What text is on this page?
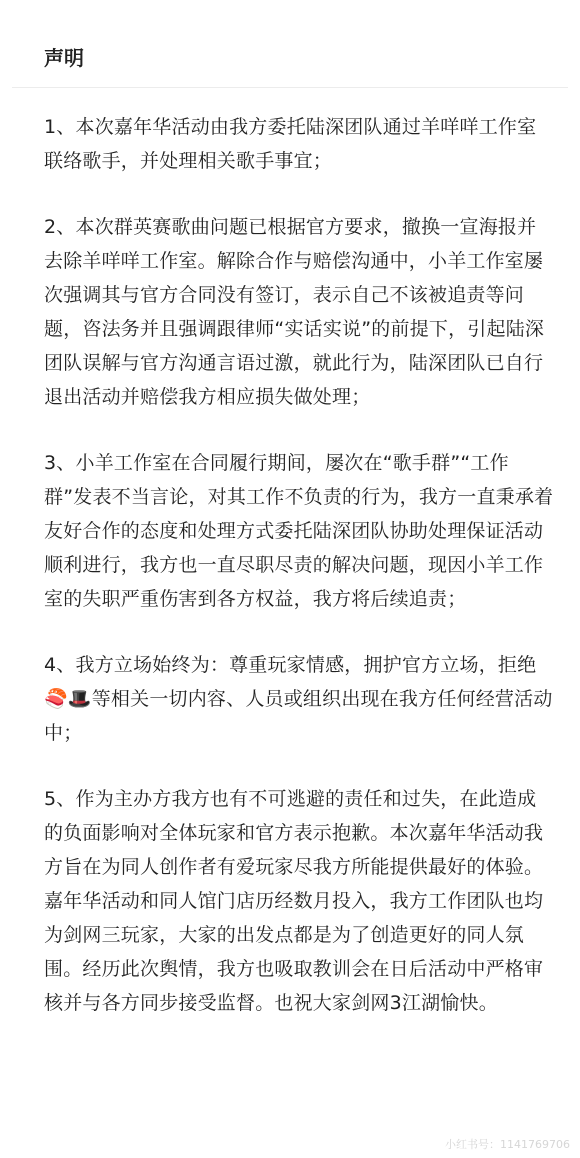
声明

1、本次嘉年华活动由我方委托陆深团队通过羊咩咩工作室联络歌手，并处理相关歌手事宜；

2、本次群英赛歌曲问题已根据官方要求，撤换一宣海报并去除羊咩咩工作室。解除合作与赔偿沟通中，小羊工作室屡次强调其与官方合同没有签订，表示自己不该被追责等问题，咨法务并且强调跟律师“实话实说”的前提下，引起陆深团队误解与官方沟通言语过激，就此行为，陆深团队已自行退出活动并赔偿我方相应损失做处理；

3、小羊工作室在合同履行期间，屡次在“歌手群”“工作群”发表不当言论，对其工作不负责的行为，我方一直秉承着友好合作的态度和处理方式委托陆深团队协助处理保证活动顺利进行，我方也一直尽职尽责的解决问题，现因小羊工作室的失职严重伤害到各方权益，我方将后续追责；

4、我方立场始终为：尊重玩家情感，拥护官方立场，拒绝🍣🎩等相关一切内容、人员或组织出现在我方任何经营活动中；

5、作为主办方我方也有不可逃避的责任和过失，在此造成的负面影响对全体玩家和官方表示抱歉。本次嘉年华活动我方旨在为同人创作者有爱玩家尽我方所能提供最好的体验。嘉年华活动和同人馆门店历经数月投入，我方工作团队也均为剑网三玩家，大家的出发点都是为了创造更好的同人氛围。经历此次舆情，我方也吸取教训会在日后活动中严格审核并与各方同步接受监督。也祝大家剑网3江湖愉快。

小红书号：1141769706
